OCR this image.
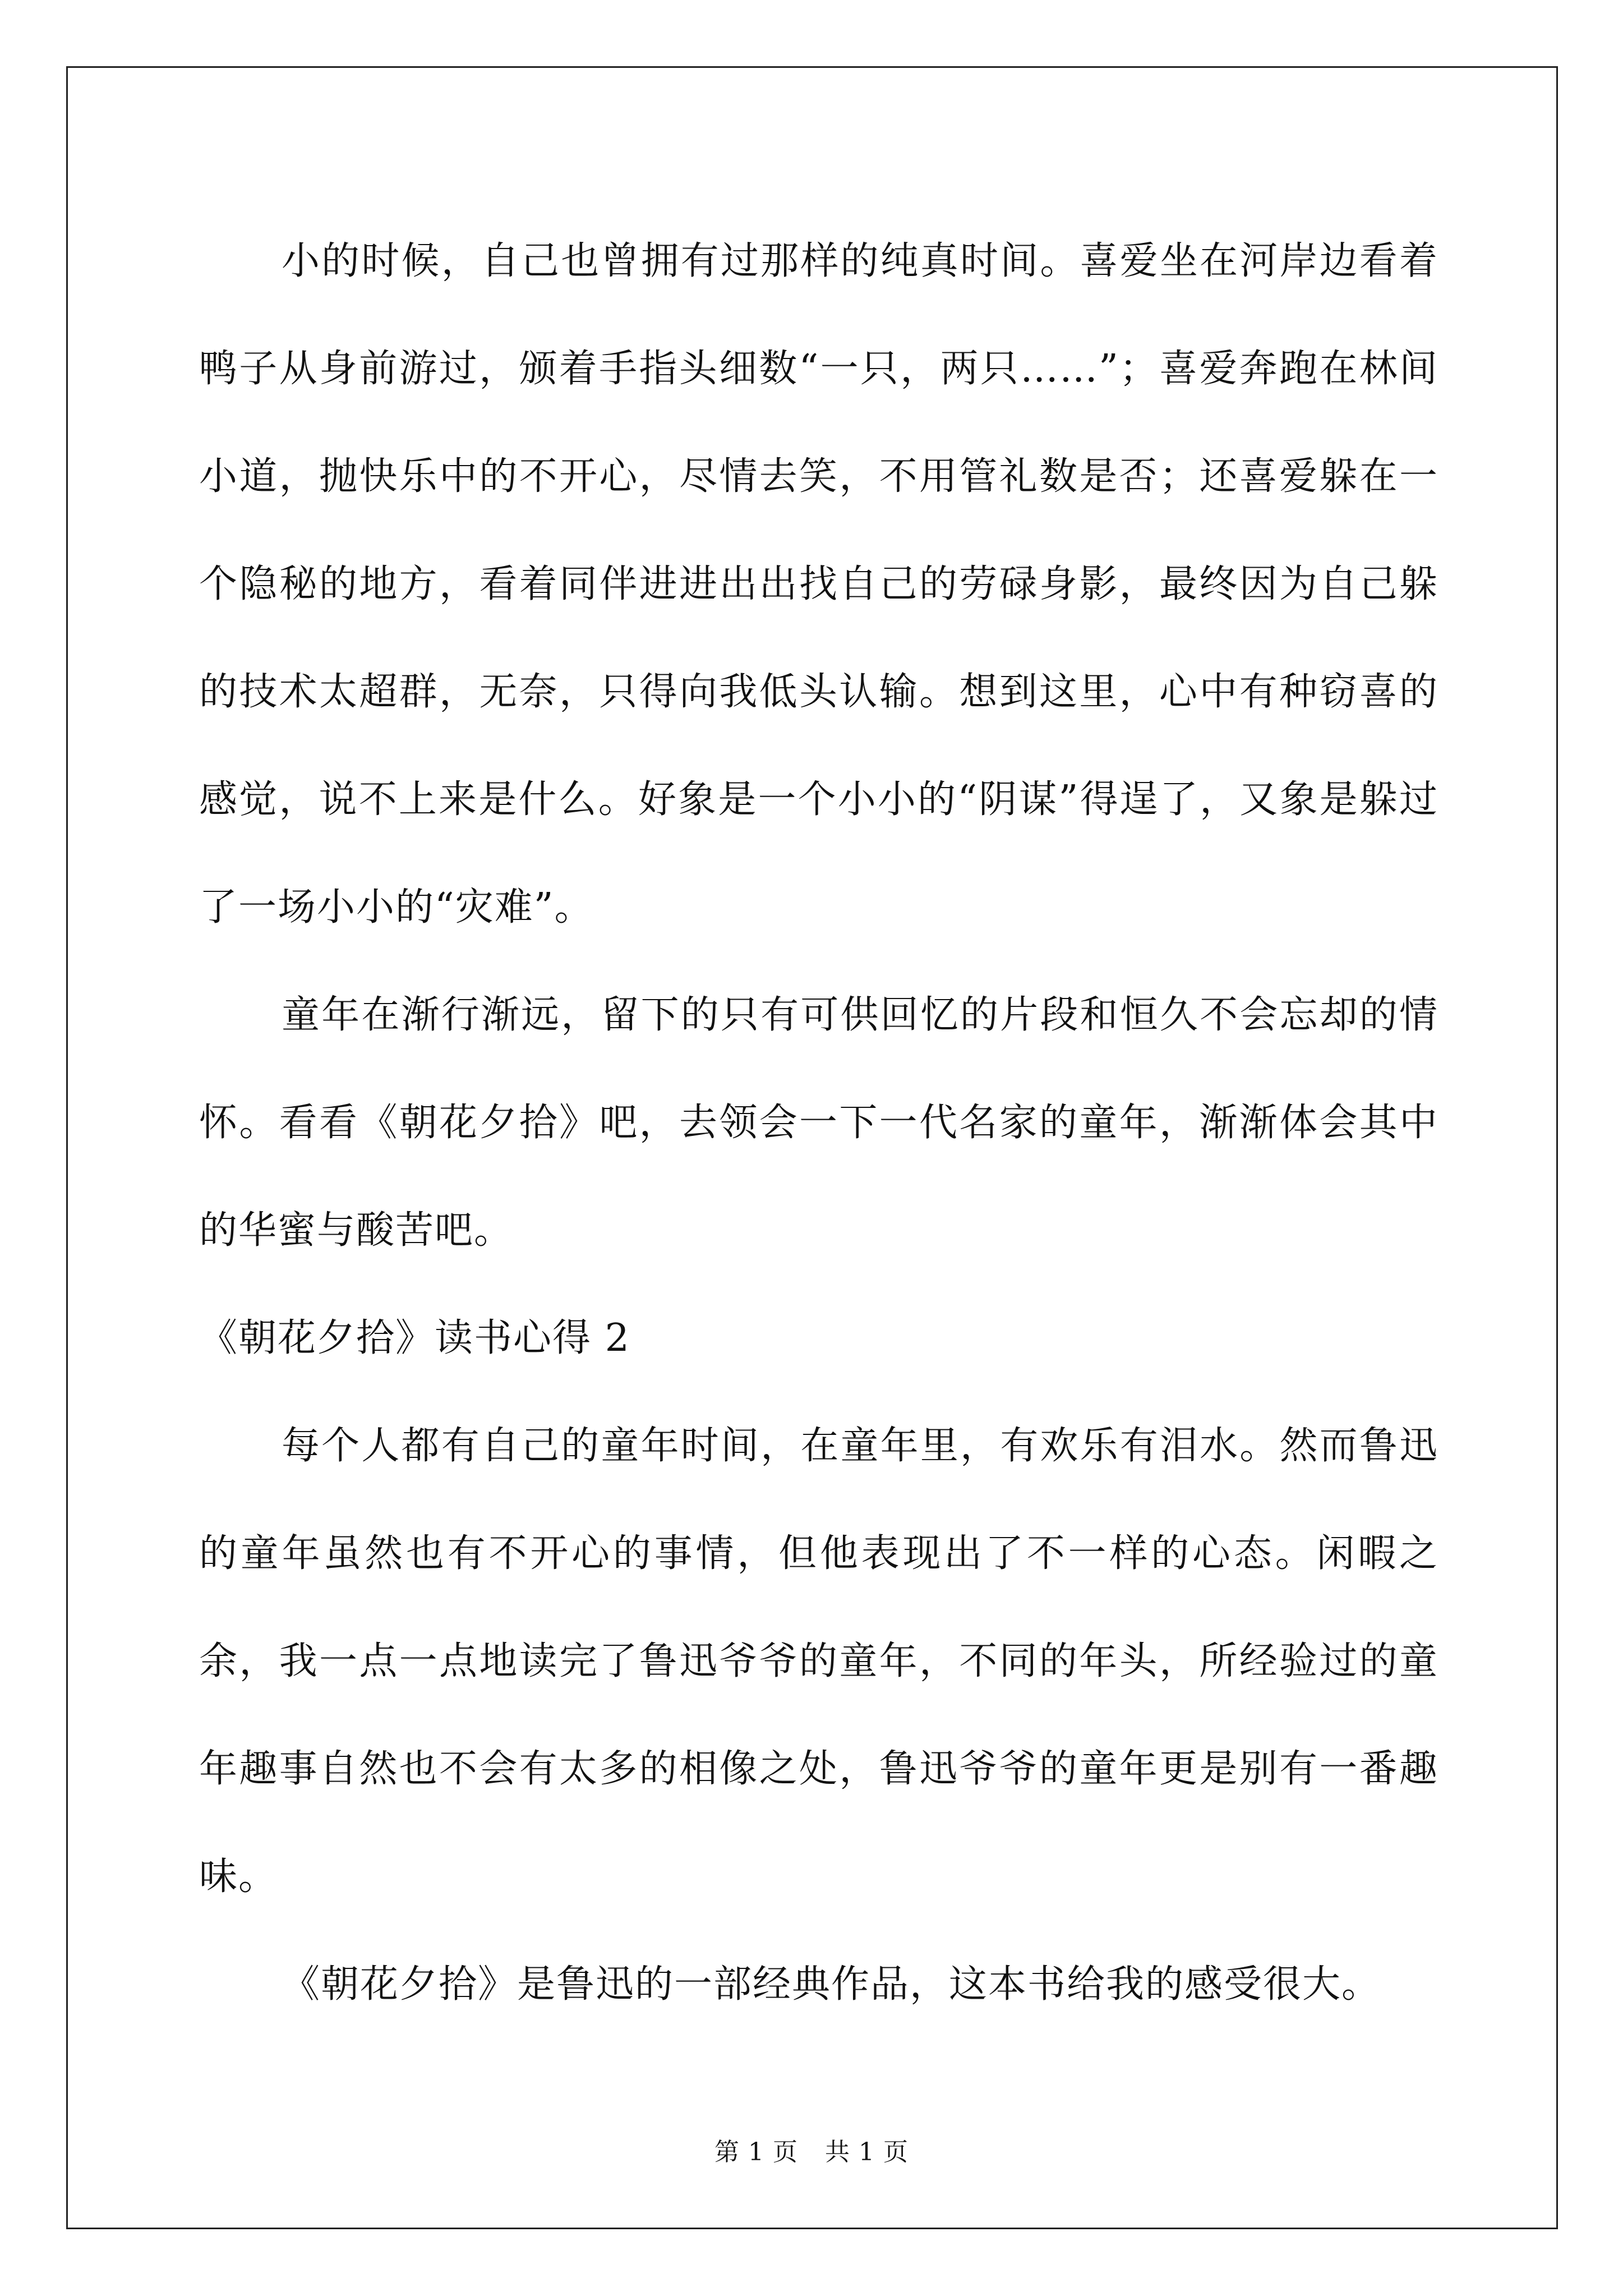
小的时候，自己也曾拥有过那样的纯真时间。喜爱坐在河岸边看着鸭子从身前游过，颁着手指头细数“一只，两只……”；喜爱奔跑在林间小道，抛快乐中的不开心，尽情去笑，不用管礼数是否；还喜爱躲在一个隐秘的地方，看着同伴进进出出找自己的劳碌身影，最终因为自己躲的技术太超群，无奈，只得向我低头认输。想到这里，心中有种窃喜的感觉，说不上来是什么。好象是一个小小的“阴谋”得逞了，又象是躲过了一场小小的“灾难”。

童年在渐行渐远，留下的只有可供回忆的片段和恒久不会忘却的情怀。看看《朝花夕拾》吧，去领会一下一代名家的童年，渐渐体会其中的华蜜与酸苦吧。

《朝花夕拾》读书心得 2

每个人都有自己的童年时间，在童年里，有欢乐有泪水。然而鲁迅的童年虽然也有不开心的事情，但他表现出了不一样的心态。闲暇之余，我一点一点地读完了鲁迅爷爷的童年，不同的年头，所经验过的童年趣事自然也不会有太多的相像之处，鲁迅爷爷的童年更是别有一番趣味。

《朝花夕拾》是鲁迅的一部经典作品，这本书给我的感受很大。

第 1 页 共 1 页
